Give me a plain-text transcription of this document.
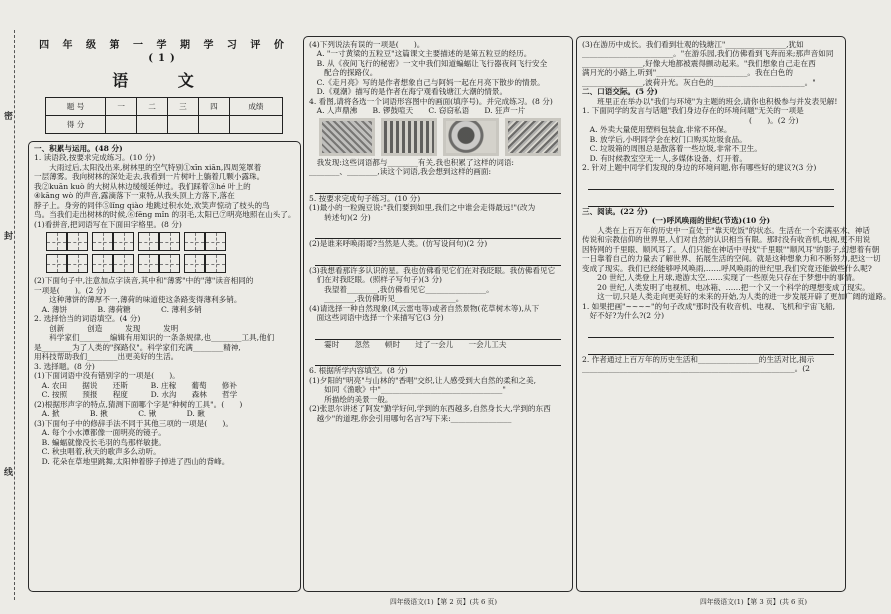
密
封
线
四 年 级 第 一 学 期 学 习 评 价 (1)
语 文
题 号	一	二	三	四	成绩
得 分					

一、积累与运用。(48 分)

1. 读语段,按要求完成练习。(10 分)

　　大雨过后,太阳没出来,树林里的空气特别①xīn xiān,四周笼罩着

一层薄雾。我向树林的深处走去,我看到一片树叶上躺着几颗小露珠。

我②kuān kuò 的大树从林边缓缓延伸过。我们踩着③hé 叶上的

④kāng wò 的声音,露滴落下一束特,从我头顶上方落下,落在

脖子上。身旁的同伴⑤lǐng qiào 地跳过积水处,欢笑声惊动了枝头的鸟

鸟。当我们走出树林的时候,⑥fēng mǐn 的羽毛,太阳已⑦明亮地照在山头了。

(1)看拼音,把词语写在下面田字格里。(8 分)

(2)下面句子中,注意加点字读音,其中和"薄雾"中的"薄"读音相同的

一项是(　　)。(2 分)

　　这种薄饼的薄厚不一,薄荷的味道使这条路变得薄利多销。

　A. 薄饼　　　　B. 薄荷糖　　　　C. 薄利多销

2. 选择恰当的词语填空。(4 分)

　　创新　　　创造　　　发现　　　发明

　　科学家们________编辑有用知识的一条条规律,也________工具,他们

是________为了人类的"探路仪"。科学家们充满________精神,

用科技帮助我们________出更美好的生活。

3. 选择题。(8 分)

(1)下面词语中没有错别字的一项是(　　)。

　A. 农田　　据说　　还斯　　　B. 庄稼　　葡萄　　修补

　C. 按照　　预报　　程度　　　D. 水沟　　森林　　哲学

(2)根据形声字的特点,猜测下面哪个字是"种树的工具"。(　　)

　A. 掀　　　　B. 揪　　　　C. 锹　　　　D. 瞅

(3)下面句子中的修辞手法不同于其他三项的一项是(　　)。

　A. 每个小水潭都像一面明亮的镜子。

　B. 蝙蝠就像没长毛羽的鸟那样敏捷。

　C. 秋虫唱着,秋天的歌声多么动听。

　D. 花朵在草地里跳舞,太阳伸着脖子掉进了西山的背峰。

(4)下列说法有误的一项是(　　)。

　A. "一寸黄梁的五粒豆"这篇课文主要描述的是第五粒豆的经历。

　B. 从《夜间飞行的秘密》一文中我们知道蝙蝠让飞行器夜间飞行安全

　　配合的探路仪。

　C.《走月亮》写的是作者想象自己与阿妈一起在月亮下散步的情景。

　D.《观潮》描写的是作者在海宁观看钱塘江大潮的情景。

4. 看图,请将各选一个词语形容图中的画面(填序号)。并完成练习。(8 分)

　A. 人声鼎沸　　B. 锣鼓喧天　　C. 窃窃私语　　D. 狂声一片

　我发现:这些词语都与________有关,我也积累了这样的词语:

________、________,读这个词语,我会想到这样的画面:

5. 按要求完成句子练习。(10 分)

(1)最小的一粒豌豆说:"我们要到如里,我们之中谁会走得最远!"(改为

　　转述句)(2 分)

(2)是谁来呼唤雨哥?当然是人类。(仿写设问句)(2 分)

(3)我想看那许多认识的星。我也仿佛看见它们在对我眨眼。我仿佛看见它

　们在对我眨眼。(照样子写句子)(3 分)

　　我望着________,我仿佛看见它________________。

　　________,我仿佛听见________________。

(4)请选择一种自然现象(风云雷电等)或者自然景物(花草树木等),从下

　面这些词语中选择一个来描写它(3 分)

　　霎时　　忽然　　顿时　　过了一会儿　　一会儿工夫

6. 根据所学内容填空。(8 分)

(1)夕阳的"明亮"与山林的"香唱"交织,让人感受到大自然的柔和之美,

　　如同《渔歌》中"________________________________"

　　所描绘的美景一般。

(2)张思尔讲述了阿发"勤学好问,学到的东西越多,自然身长大,学到的东西

　越少"的道理,你会引用哪句名言?写下来:________________

(3)在游历中成长。我们看到壮观的钱塘江"________________,犹如

________________________。"在游乐园,我们仿佛看到飞奔而来;那声音如同

________________,好像大地都被震得颤动起来。"我们想象自己走在西

满月光的小路上,听到"________________________。我在白色的

________________,波荷升光。灰白色的________________________。"

二、口语交际。(5 分)

　　班里正在举办以"我们与环境"为主题的班会,请你也积极参与并发表见解!

1. 下面同学的发言与话题"我们身边存在的环境问题"无关的一项是

　　　　　　　　　　　　　　　　　　　　　　(　　)。(2 分)

　A. 外卖大量使用塑料包装盒,非常不环保。

　B. 放学后,小明同学会在校门口购买垃圾食品。

　C. 垃圾箱的周围总是散落着一些垃圾,非常不卫生。

　D. 有时候教室空无一人,多媒体设备、灯开着。

2. 针对上题中同学们发现的身边的环境问题,你有哪些好的建议?(3 分)

三、阅读。(22 分)

(一)呼风唤雨的世纪(节选)(10 分)

　　人类在上百万年的历史中一直处于"靠天吃饭"的状态。生活在一个充满巫术、神话

传说和宗教信仰的世界里,人们对自然的认识相当有限。那时没有收音机,电视,更不用说

因特网的千里眼、顺风耳了。人们只能在神话中寻找"千里眼""顺风耳"的影子,幻想着有朝

一日靠着自己的力量去了解世界、拓展生活的空间。就是这种想象力和不断努力,把这一切

变成了现实。我们已经能够呼风唤雨,……呼风唤雨的世纪里,我们究竟还能做些什么呢?

　　20 世纪,人类登上月球,遨游太空,……实现了一些原先只存在于梦想中的事情。

　　20 世纪,人类发明了电视机、电冰箱、……把一个又一个科学的理想变成了现实。

　　这一切,只是人类走向更美好的未来的开始,为人类的进一步发展开辟了更加广阔的道路。

1. 如果把画"~~~~"的句子改成"那时没有收音机、电视、飞机和宇宙飞船,

　好不好?为什么?(2 分)

2. 作者通过上百万年的历史生活和________________的生活对比,揭示

________________________________________________________。(2

四年级语文(1)【第 2 页】(共 6 页)	四年级语文(1)【第 3 页】(共 6 页)
